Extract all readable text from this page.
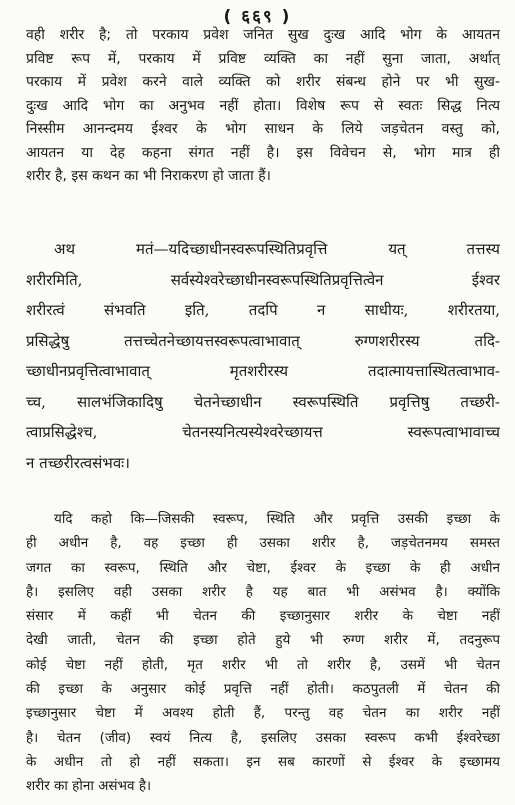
( ६६९ )
वही शरीर है; तो परकाय प्रवेश जनित सुख दुःख आदि भोग के आयतन
प्रविष्ट रूप में, परकाय में प्रविष्ट व्यक्ति का नहीं सुना जाता, अर्थात्
परकाय में प्रवेश करने वाले व्यक्ति को शरीर संबन्ध होने पर भी सुख-
दुःख आदि भोग का अनुभव नहीं होता। विशेष रूप से स्वतः सिद्ध नित्य
निस्सीम आनन्दमय ईश्वर के भोग साधन के लिये जड़चेतन वस्तु को,
आयतन या देह कहना संगत नहीं है। इस विवेचन से, भोग मात्र ही
शरीर है, इस कथन का भी निराकरण हो जाता हैं।
अथ मतं—यदिच्छाधीनस्वरूपस्थितिप्रवृत्ति यत् तत्तस्य
शरीरमिति, सर्वस्येश्वरेच्छाधीनस्वरूपस्थितिप्रवृत्तित्वेन ईश्वर
शरीरत्वं संभवति इति, तदपि न साधीयः, शरीरतया,
प्रसिद्धेषु तत्तच्चेतनेच्छायत्तस्वरूपत्वाभावात् रुग्णशरीरस्य तदि-
च्छाधीनप्रवृत्तित्वाभावात् मृतशरीरस्य तदात्मायत्तास्थितत्वाभाव-
च्च, सालभंजिकादिषु चेतनेच्छाधीन स्वरूपस्थिति प्रवृत्तिषु तच्छरी-
त्वाप्रसिद्धेश्च, चेतनस्यनित्यस्येश्वरेच्छायत्त स्वरूपत्वाभावाच्च
न तच्छरीरत्वसंभवः।
यदि कहो कि—जिसकी स्वरूप, स्थिति और प्रवृत्ति उसकी इच्छा के
ही अधीन है, वह इच्छा ही उसका शरीर है, जड़चेतनमय समस्त
जगत का स्वरूप, स्थिति और चेष्टा, ईश्वर के इच्छा के ही अधीन
है। इसलिए वही उसका शरीर है यह बात भी असंभव है। क्योंकि
संसार में कहीं भी चेतन की इच्छानुसार शरीर के चेष्टा नहीं
देखी जाती, चेतन की इच्छा होते हुये भी रुग्ण शरीर में, तदनुरूप
कोई चेष्टा नहीं होती, मृत शरीर भी तो शरीर है, उसमें भी चेतन
की इच्छा के अनुसार कोई प्रवृत्ति नहीं होती। कठपुतली में चेतन की
इच्छानुसार चेष्टा में अवश्य होती हैं, परन्तु वह चेतन का शरीर नहीं
है। चेतन (जीव) स्वयं नित्य है, इसलिए उसका स्वरूप कभी ईश्वरेच्छा
के अधीन तो हो नहीं सकता। इन सब कारणों से ईश्वर के इच्छामय
शरीर का होना असंभव है।
